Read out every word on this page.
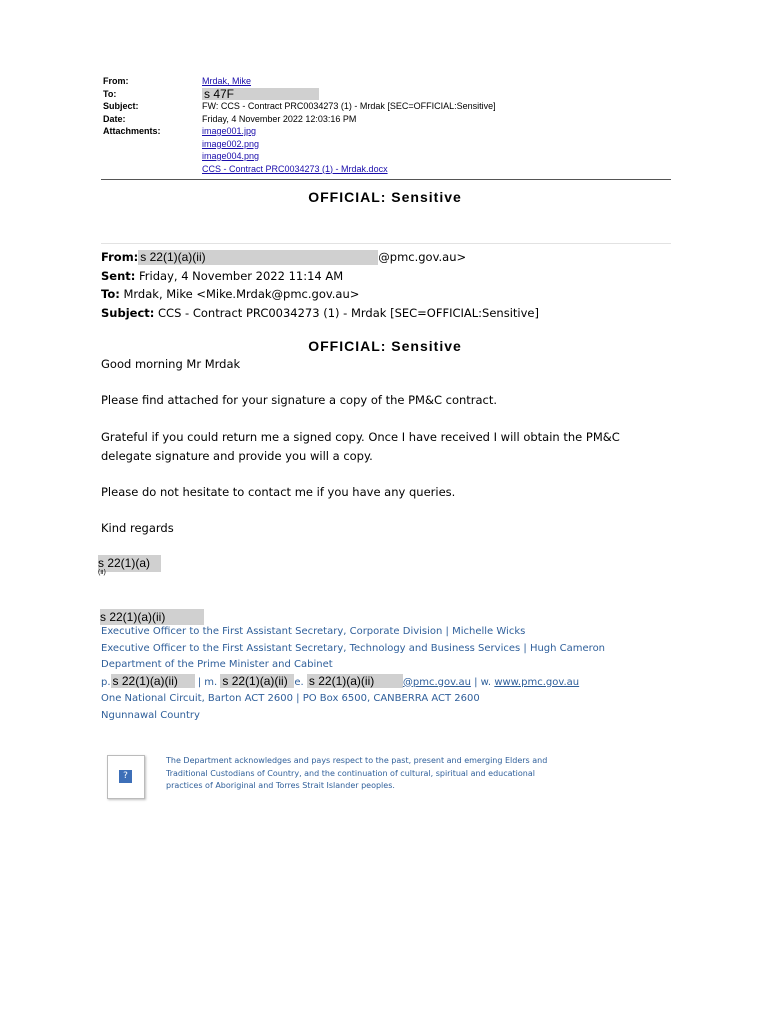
From:	Mrdak, Mike
To:	s 47F
Subject:	FW: CCS - Contract PRC0034273 (1) - Mrdak [SEC=OFFICIAL:Sensitive]
Date:	Friday, 4 November 2022 12:03:16 PM
Attachments:	image001.jpg
image002.png
image004.png
CCS - Contract PRC0034273 (1) - Mrdak.docx
OFFICIAL: Sensitive
From: s 22(1)(a)(ii)	@pmc.gov.au>
Sent: Friday, 4 November 2022 11:14 AM
To: Mrdak, Mike <Mike.Mrdak@pmc.gov.au>
Subject: CCS - Contract PRC0034273 (1) - Mrdak [SEC=OFFICIAL:Sensitive]
OFFICIAL: Sensitive
Good morning Mr Mrdak
Please find attached for your signature a copy of the PM&C contract.
Grateful if you could return me a signed copy. Once I have received I will obtain the PM&C
delegate signature and provide you will a copy.
Please do not hesitate to contact me if you have any queries.
Kind regards
s 22(1)(a)
(ii)
s 22(1)(a)(ii)
Executive Officer to the First Assistant Secretary, Corporate Division | Michelle Wicks
Executive Officer to the First Assistant Secretary, Technology and Business Services | Hugh Cameron
Department of the Prime Minister and Cabinet
p. s 22(1)(a)(ii) | m. s 22(1)(a)(ii) e. s 22(1)(a)(ii)	@pmc.gov.au | w. www.pmc.gov.au
One National Circuit, Barton ACT 2600 | PO Box 6500, CANBERRA ACT 2600
Ngunnawal Country
?
The Department acknowledges and pays respect to the past, present and emerging Elders and
Traditional Custodians of Country, and the continuation of cultural, spiritual and educational
practices of Aboriginal and Torres Strait Islander peoples.
